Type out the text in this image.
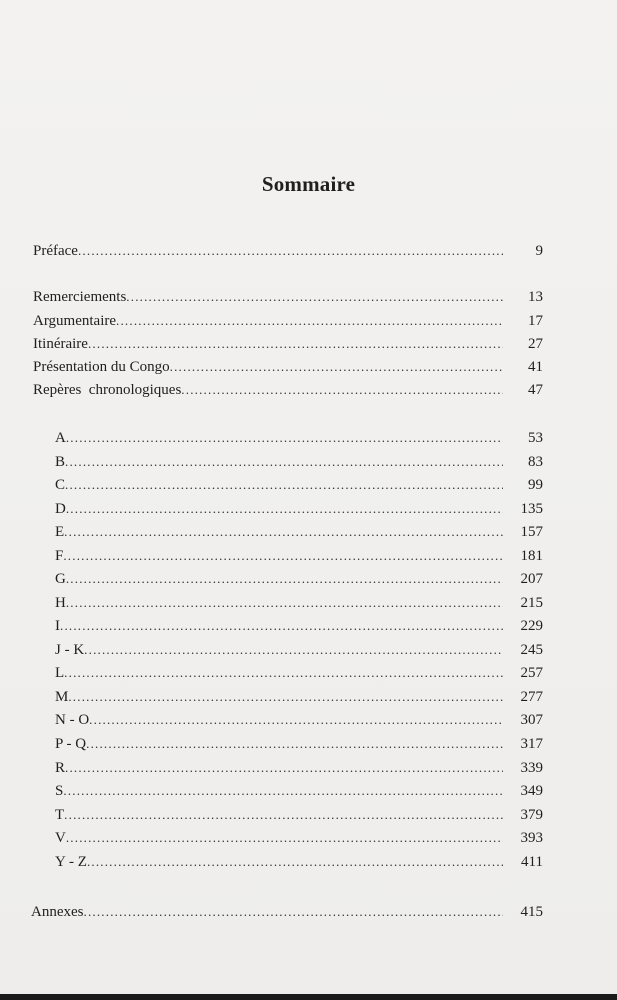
Sommaire
Préface .....	9
Remerciements .....	13
Argumentaire .....	17
Itinéraire .....	27
Présentation du Congo .....	41
Repères  chronologiques .....	47
A .....	53
B .....	83
C .....	99
D .....	135
E .....	157
F .....	181
G .....	207
H .....	215
I .....	229
J - K .....	245
L .....	257
M .....	277
N - O .....	307
P - Q .....	317
R .....	339
S .....	349
T .....	379
V .....	393
Y - Z .....	411
Annexes .....	415
